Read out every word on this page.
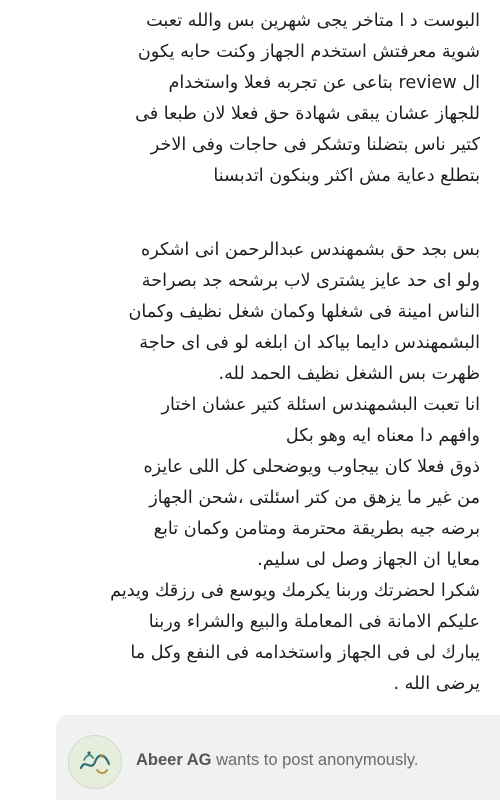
البوست د ا متاخر يجى شهرين بس والله تعبت
شوية معرفتش استخدم الجهاز وكنت حابه يكون
ال review بتاعى عن تجربه فعلا واستخدام
للجهاز عشان يبقى شهادة حق فعلا لان طبعا فى
كتير ناس بتضلنا وتشكر فى حاجات وفى الاخر
بتطلع دعاية مش اكثر وبنكون اتدبسنا

بس بجد حق بشمهندس عبدالرحمن انى اشكره
ولو اى حد عايز يشترى لاب برشحه جد بصراحة
الناس امينة فى شغلها وكمان شغل نظيف وكمان
البشمهندس دايما بياكد ان ابلغه لو فى اى حاجة
ظهرت بس الشغل نظيف الحمد لله.
انا تعبت البشمهندس اسئلة كتير عشان اختار
وافهم دا معناه ايه وهو بكل
ذوق فعلا كان بيجاوب ويوضحلى كل اللى عايزه
من غير ما يزهق من كتر اسئلتى ،شحن الجهاز
برضه جيه بطريقة محترمة ومتامن وكمان تابع
معايا ان الجهاز وصل لى سليم.
شكرا لحضرتك وربنا يكرمك ويوسع فى رزقك ويديم
عليكم الامانة فى المعاملة والبيع والشراء وربنا
يبارك لى فى الجهاز واستخدامه فى النفع وكل ما
يرضى الله .

Abeer AG wants to post anonymously.
